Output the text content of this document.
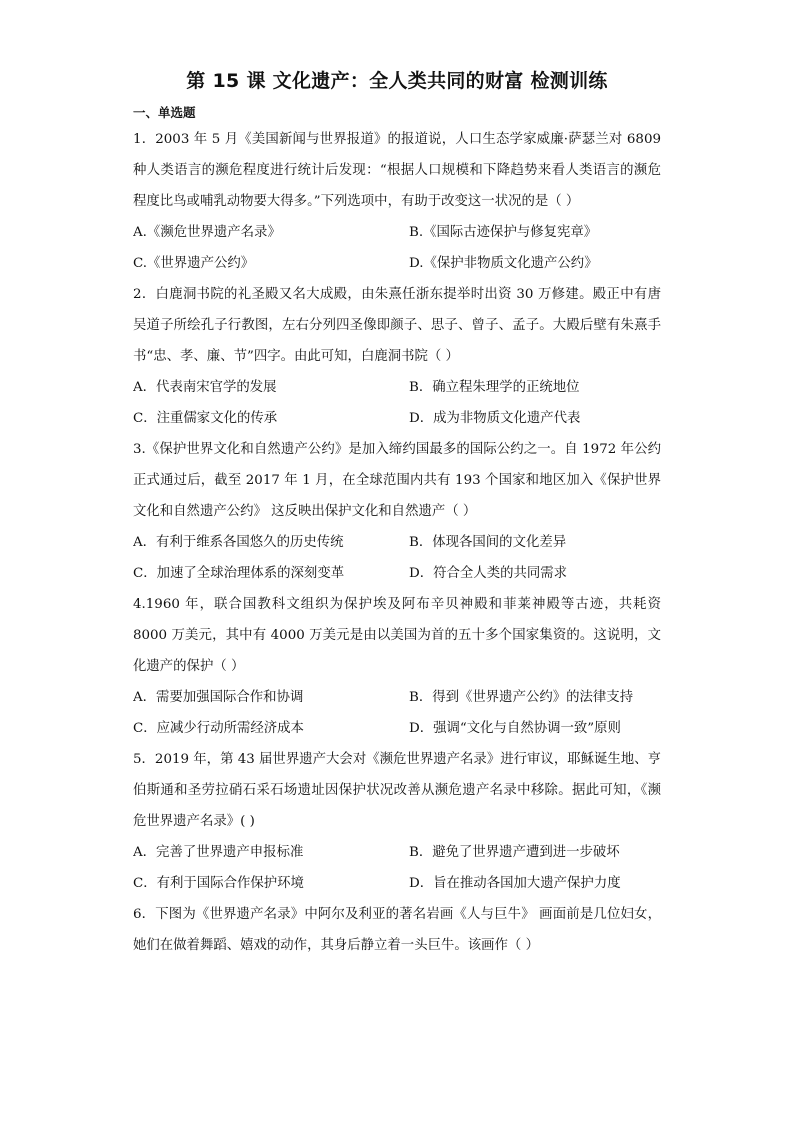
第 15 课 文化遗产：全人类共同的财富 检测训练
一、单选题

1．2003 年 5 月《美国新闻与世界报道》的报道说，人口生态学家威廉·萨瑟兰对 6809 种人类语言的濒危程度进行统计后发现：“根据人口规模和下降趋势来看人类语言的濒危程度比鸟或哺乳动物要大得多。”下列选项中，有助于改变这一状况的是（ ）

A.《濒危世界遗产名录》	B.《国际古迹保护与修复宪章》
C.《世界遗产公约》	D.《保护非物质文化遗产公约》

2．白鹿洞书院的礼圣殿又名大成殿，由朱熹任浙东提举时出资 30 万修建。殿正中有唐吴道子所绘孔子行教图，左右分列四圣像即颜子、思子、曾子、孟子。大殿后壁有朱熹手书“忠、孝、廉、节”四字。由此可知，白鹿洞书院（ ）

A．代表南宋官学的发展	B．确立程朱理学的正统地位
C．注重儒家文化的传承	D．成为非物质文化遗产代表

3.《保护世界文化和自然遗产公约》是加入缔约国最多的国际公约之一。自 1972 年公约正式通过后，截至 2017 年 1 月，在全球范围内共有 193 个国家和地区加入《保护世界文化和自然遗产公约》 这反映出保护文化和自然遗产（ ）

A．有利于维系各国悠久的历史传统	B．体现各国间的文化差异
C．加速了全球治理体系的深刻变革	D．符合全人类的共同需求

4.1960 年，联合国教科文组织为保护埃及阿布辛贝神殿和菲莱神殿等古迹，共耗资 8000 万美元，其中有 4000 万美元是由以美国为首的五十多个国家集资的。这说明，文化遗产的保护（ ）

A．需要加强国际合作和协调	B．得到《世界遗产公约》的法律支持
C．应减少行动所需经济成本	D．强调“文化与自然协调一致”原则

5．2019 年，第 43 届世界遗产大会对《濒危世界遗产名录》进行审议，耶稣诞生地、亨伯斯通和圣劳拉硝石采石场遗址因保护状况改善从濒危遗产名录中移除。据此可知，《濒危世界遗产名录》( )

A．完善了世界遗产申报标准	B．避免了世界遗产遭到进一步破坏
C．有利于国际合作保护环境	D．旨在推动各国加大遗产保护力度

6．下图为《世界遗产名录》中阿尔及利亚的著名岩画《人与巨牛》 画面前是几位妇女，她们在做着舞蹈、嬉戏的动作，其身后静立着一头巨牛。该画作（ ）
